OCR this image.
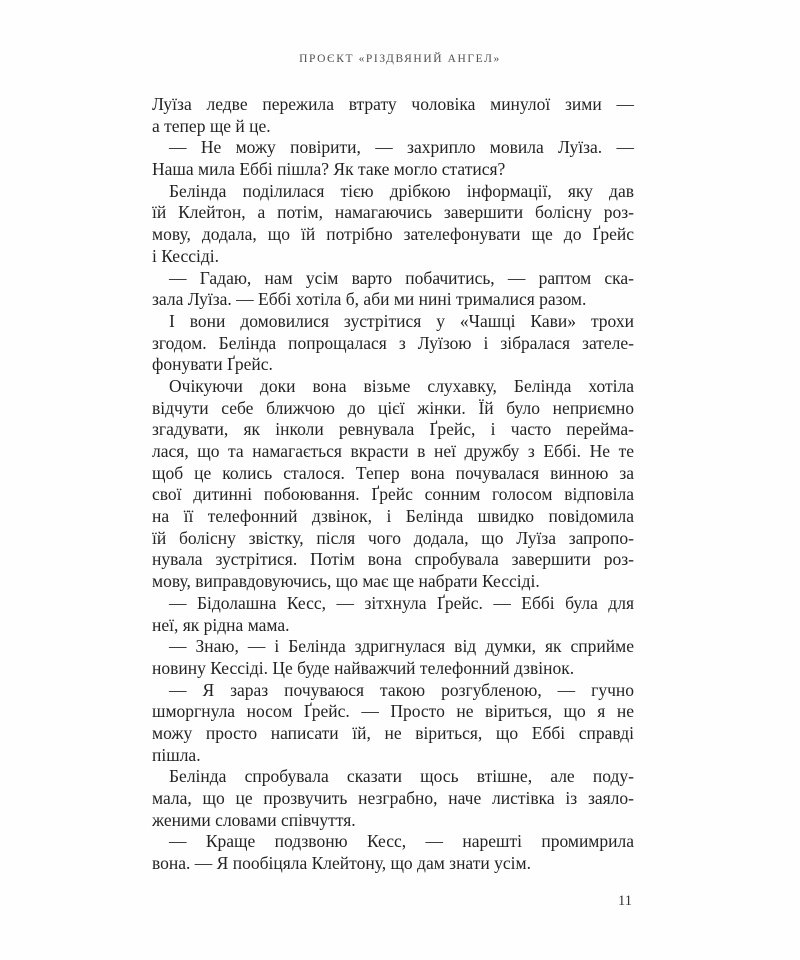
ПРОЄКТ «РІЗДВЯНИЙ АНГЕЛ»
Луїза ледве пережила втрату чоловіка минулої зими —
а тепер ще й це.
— Не можу повірити, — захрипло мовила Луїза. —
Наша мила Еббі пішла? Як таке могло статися?
Белінда поділилася тією дрібкою інформації, яку дав
їй Клейтон, а потім, намагаючись завершити болісну роз-
мову, додала, що їй потрібно зателефонувати ще до Ґрейс
і Кессіді.
— Гадаю, нам усім варто побачитись, — раптом ска-
зала Луїза. — Еббі хотіла б, аби ми нині трималися разом.
І вони домовилися зустрітися у «Чашці Кави» трохи
згодом. Белінда попрощалася з Луїзою і зібралася зателе-
фонувати Ґрейс.
Очікуючи доки вона візьме слухавку, Белінда хотіла
відчути себе ближчою до цієї жінки. Їй було неприємно
згадувати, як інколи ревнувала Ґрейс, і часто перейма-
лася, що та намагається вкрасти в неї дружбу з Еббі. Не те
щоб це колись сталося. Тепер вона почувалася винною за
свої дитинні побоювання. Ґрейс сонним голосом відповіла
на її телефонний дзвінок, і Белінда швидко повідомила
їй болісну звістку, після чого додала, що Луїза запропо-
нувала зустрітися. Потім вона спробувала завершити роз-
мову, виправдовуючись, що має ще набрати Кессіді.
— Бідолашна Кесс, — зітхнула Ґрейс. — Еббі була для
неї, як рідна мама.
— Знаю, — і Белінда здригнулася від думки, як сприйме
новину Кессіді. Це буде найважчий телефонний дзвінок.
— Я зараз почуваюся такою розгубленою, — гучно
шморгнула носом Ґрейс. — Просто не віриться, що я не
можу просто написати їй, не віриться, що Еббі справді
пішла.
Белінда спробувала сказати щось втішне, але поду-
мала, що це прозвучить незграбно, наче листівка із заяло-
женими словами співчуття.
— Краще подзвоню Кесс, — нарешті промимрила
вона. — Я пообіцяла Клейтону, що дам знати усім.
11
